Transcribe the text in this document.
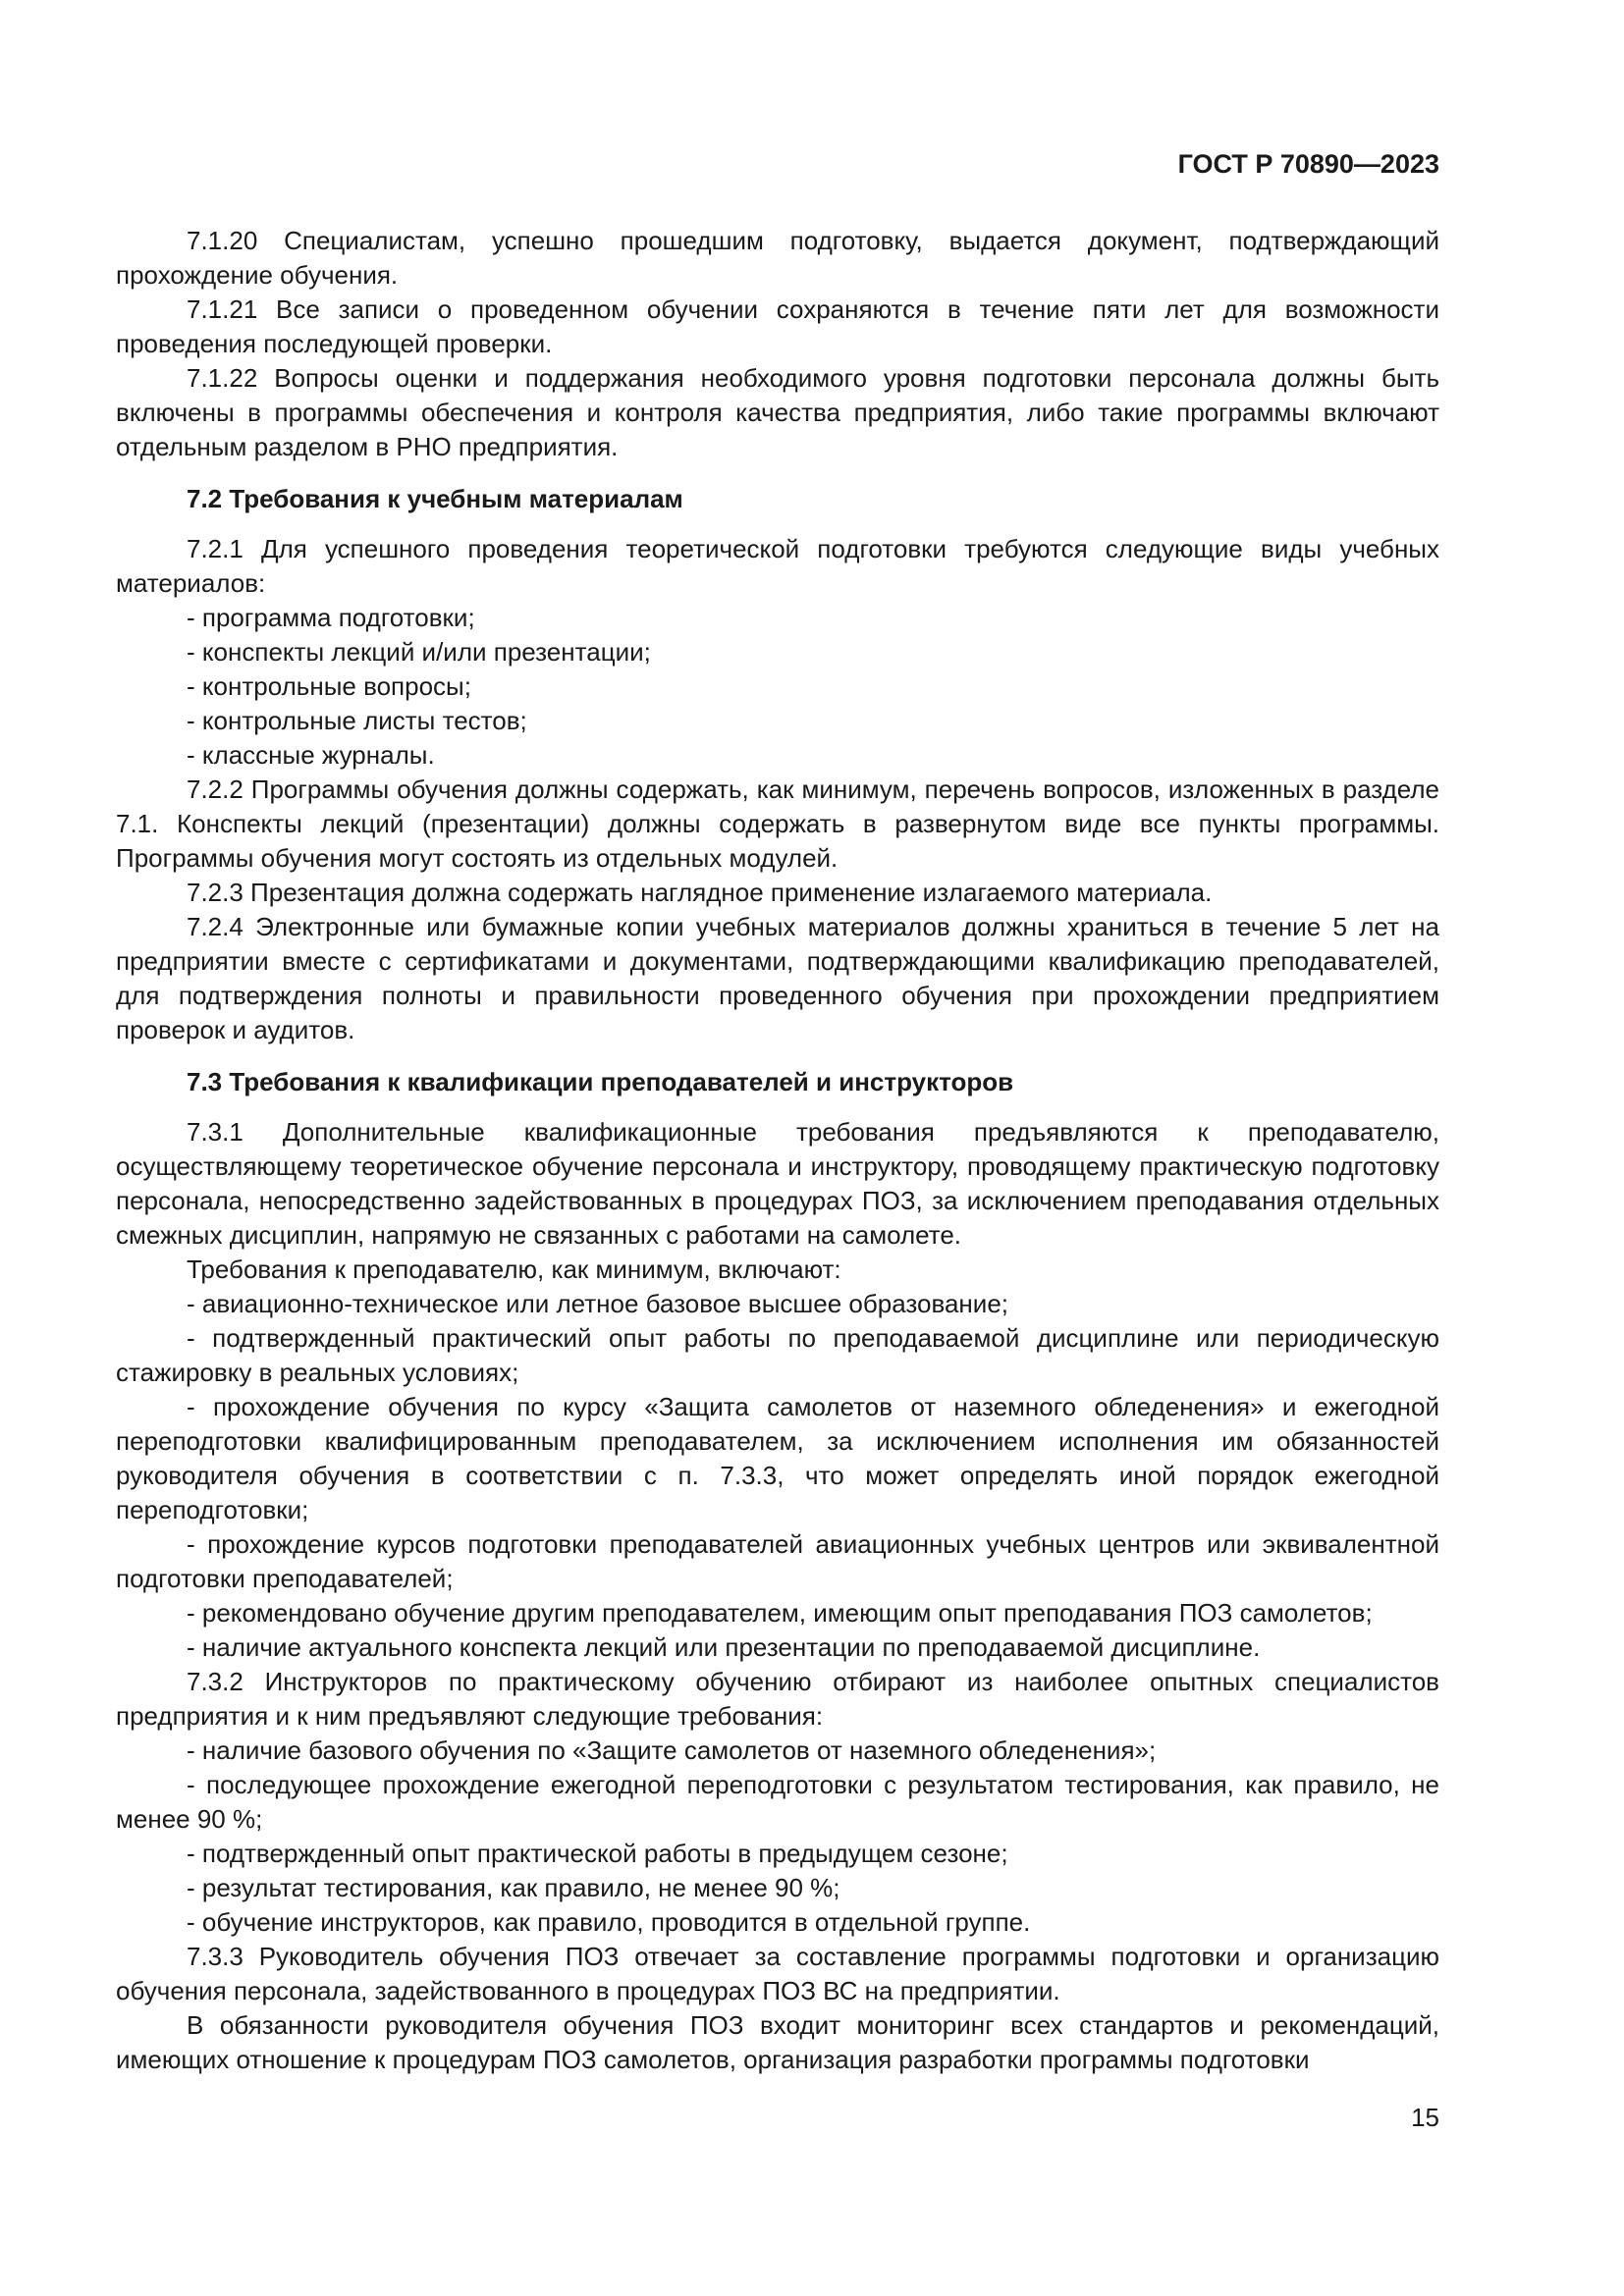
ГОСТ Р 70890—2023

7.1.20 Специалистам, успешно прошедшим подготовку, выдается документ, подтверждающий прохождение обучения.

7.1.21 Все записи о проведенном обучении сохраняются в течение пяти лет для возможности проведения последующей проверки.

7.1.22 Вопросы оценки и поддержания необходимого уровня подготовки персонала должны быть включены в программы обеспечения и контроля качества предприятия, либо такие программы включают отдельным разделом в РНО предприятия.

7.2 Требования к учебным материалам

7.2.1 Для успешного проведения теоретической подготовки требуются следующие виды учебных материалов:

- программа подготовки;

- конспекты лекций и/или презентации;

- контрольные вопросы;

- контрольные листы тестов;

- классные журналы.

7.2.2 Программы обучения должны содержать, как минимум, перечень вопросов, изложенных в разделе 7.1. Конспекты лекций (презентации) должны содержать в развернутом виде все пункты программы. Программы обучения могут состоять из отдельных модулей.

7.2.3 Презентация должна содержать наглядное применение излагаемого материала.

7.2.4 Электронные или бумажные копии учебных материалов должны храниться в течение 5 лет на предприятии вместе с сертификатами и документами, подтверждающими квалификацию преподавателей, для подтверждения полноты и правильности проведенного обучения при прохождении предприятием проверок и аудитов.

7.3 Требования к квалификации преподавателей и инструкторов

7.3.1 Дополнительные квалификационные требования предъявляются к преподавателю, осуществляющему теоретическое обучение персонала и инструктору, проводящему практическую подготовку персонала, непосредственно задействованных в процедурах ПОЗ, за исключением преподавания отдельных смежных дисциплин, напрямую не связанных с работами на самолете.

Требования к преподавателю, как минимум, включают:

- авиационно-техническое или летное базовое высшее образование;

- подтвержденный практический опыт работы по преподаваемой дисциплине или периодическую стажировку в реальных условиях;

- прохождение обучения по курсу «Защита самолетов от наземного обледенения» и ежегодной переподготовки квалифицированным преподавателем, за исключением исполнения им обязанностей руководителя обучения в соответствии с п. 7.3.3, что может определять иной порядок ежегодной переподготовки;

- прохождение курсов подготовки преподавателей авиационных учебных центров или эквивалентной подготовки преподавателей;

- рекомендовано обучение другим преподавателем, имеющим опыт преподавания ПОЗ самолетов;

- наличие актуального конспекта лекций или презентации по преподаваемой дисциплине.

7.3.2 Инструкторов по практическому обучению отбирают из наиболее опытных специалистов предприятия и к ним предъявляют следующие требования:

- наличие базового обучения по «Защите самолетов от наземного обледенения»;

- последующее прохождение ежегодной переподготовки с результатом тестирования, как правило, не менее 90 %;

- подтвержденный опыт практической работы в предыдущем сезоне;

- результат тестирования, как правило, не менее 90 %;

- обучение инструкторов, как правило, проводится в отдельной группе.

7.3.3 Руководитель обучения ПОЗ отвечает за составление программы подготовки и организацию обучения персонала, задействованного в процедурах ПОЗ ВС на предприятии.

В обязанности руководителя обучения ПОЗ входит мониторинг всех стандартов и рекомендаций, имеющих отношение к процедурам ПОЗ самолетов, организация разработки программы подготовки

15
